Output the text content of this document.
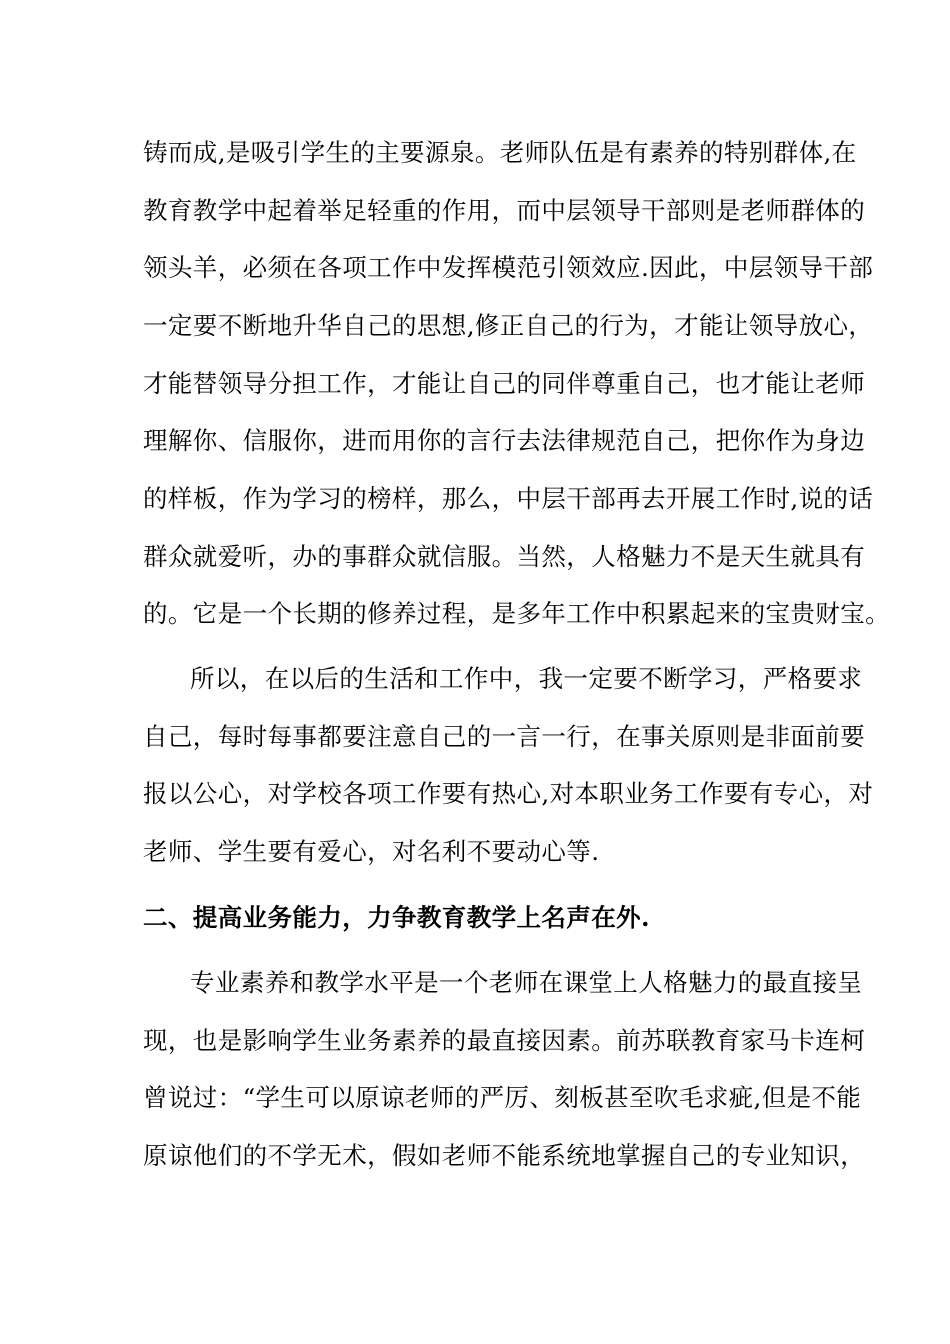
铸而成,是吸引学生的主要源泉。老师队伍是有素养的特别群体,在
教育教学中起着举足轻重的作用，而中层领导干部则是老师群体的
领头羊，必须在各项工作中发挥模范引领效应.因此，中层领导干部
一定要不断地升华自己的思想,修正自己的行为，才能让领导放心，
才能替领导分担工作，才能让自己的同伴尊重自己，也才能让老师
理解你、信服你，进而用你的言行去法律规范自己，把你作为身边
的样板，作为学习的榜样，那么，中层干部再去开展工作时,说的话
群众就爱听，办的事群众就信服。当然，人格魅力不是天生就具有
的。它是一个长期的修养过程，是多年工作中积累起来的宝贵财宝。
所以，在以后的生活和工作中，我一定要不断学习，严格要求
自己，每时每事都要注意自己的一言一行，在事关原则是非面前要
报以公心，对学校各项工作要有热心,对本职业务工作要有专心，对
老师、学生要有爱心，对名利不要动心等.
二、提高业务能力，力争教育教学上名声在外.
专业素养和教学水平是一个老师在课堂上人格魅力的最直接呈
现，也是影响学生业务素养的最直接因素。前苏联教育家马卡连柯
曾说过：“学生可以原谅老师的严厉、刻板甚至吹毛求疵,但是不能
原谅他们的不学无术，假如老师不能系统地掌握自己的专业知识，
